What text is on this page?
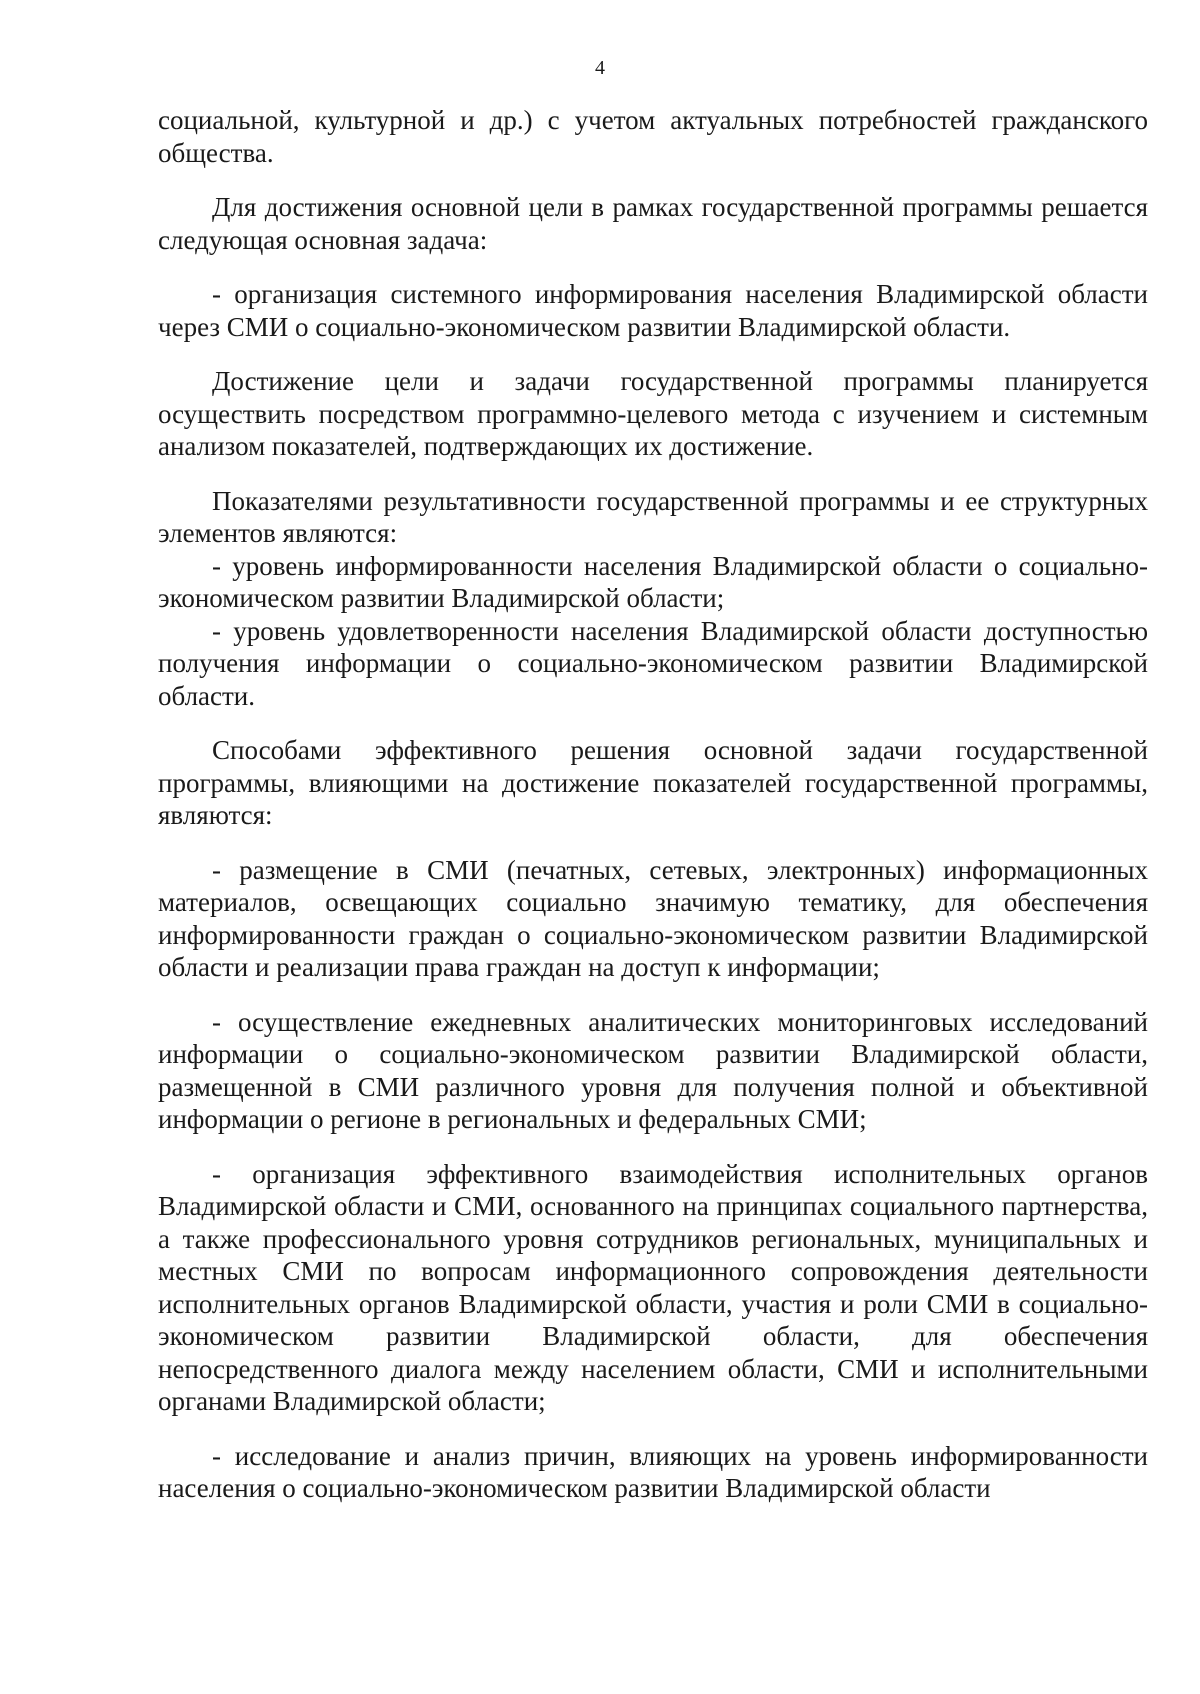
4

социальной, культурной и др.) с учетом актуальных потребностей гражданского общества.

Для достижения основной цели в рамках государственной программы решается следующая основная задача:

- организация системного информирования населения Владимирской области через СМИ о социально-экономическом развитии Владимирской области.

Достижение цели и задачи государственной программы планируется осуществить посредством программно-целевого метода с изучением и системным анализом показателей, подтверждающих их достижение.

Показателями результативности государственной программы и ее структурных элементов являются:

- уровень информированности населения Владимирской области о социально-экономическом развитии Владимирской области;

- уровень удовлетворенности населения Владимирской области доступностью получения информации о социально-экономическом развитии Владимирской области.

Способами эффективного решения основной задачи государственной программы, влияющими на достижение показателей государственной программы, являются:

- размещение в СМИ (печатных, сетевых, электронных) информационных материалов, освещающих социально значимую тематику, для обеспечения информированности граждан о социально-экономическом развитии Владимирской области и реализации права граждан на доступ к информации;

- осуществление ежедневных аналитических мониторинговых исследований информации о социально-экономическом развитии Владимирской области, размещенной в СМИ различного уровня для получения полной и объективной информации о регионе в региональных и федеральных СМИ;

- организация эффективного взаимодействия исполнительных органов Владимирской области и СМИ, основанного на принципах социального партнерства, а также профессионального уровня сотрудников региональных, муниципальных и местных СМИ по вопросам информационного сопровождения деятельности исполнительных органов Владимирской области, участия и роли СМИ в социально-экономическом развитии Владимирской области, для обеспечения непосредственного диалога между населением области, СМИ и исполнительными органами Владимирской области;

- исследование и анализ причин, влияющих на уровень информированности населения о социально-экономическом развитии Владимирской области
